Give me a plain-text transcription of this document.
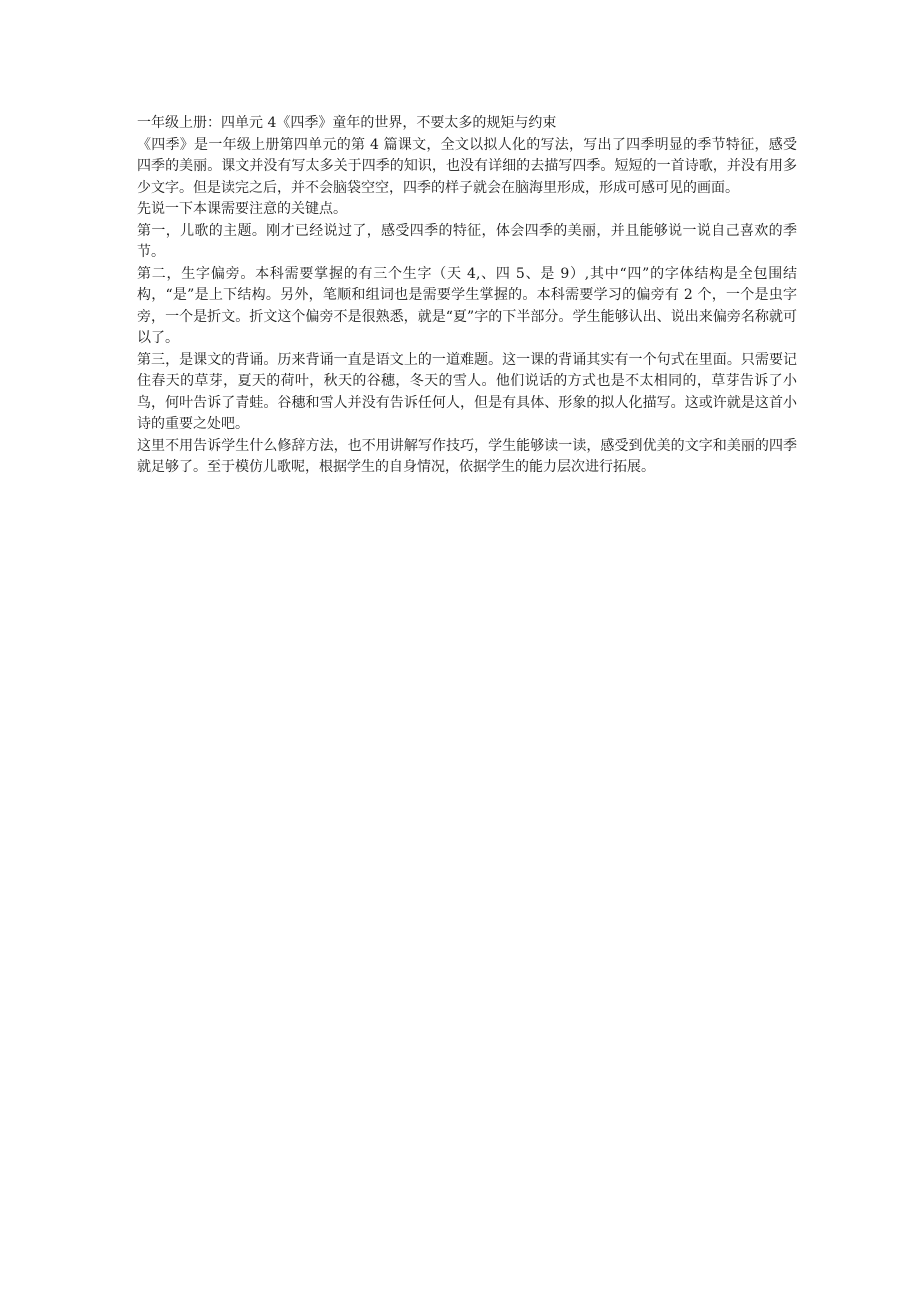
一年级上册：四单元 4《四季》童年的世界，不要太多的规矩与约束

《四季》是一年级上册第四单元的第 4 篇课文，全文以拟人化的写法，写出了四季明显的季节特征，感受四季的美丽。课文并没有写太多关于四季的知识，也没有详细的去描写四季。短短的一首诗歌，并没有用多少文字。但是读完之后，并不会脑袋空空，四季的样子就会在脑海里形成，形成可感可见的画面。

先说一下本课需要注意的关键点。

第一，儿歌的主题。刚才已经说过了，感受四季的特征，体会四季的美丽，并且能够说一说自己喜欢的季节。

第二，生字偏旁。本科需要掌握的有三个生字（天 4,、四 5、是 9）,其中“四”的字体结构是全包围结构，“是”是上下结构。另外，笔顺和组词也是需要学生掌握的。本科需要学习的偏旁有 2 个，一个是虫字旁，一个是折文。折文这个偏旁不是很熟悉，就是“夏”字的下半部分。学生能够认出、说出来偏旁名称就可以了。

第三，是课文的背诵。历来背诵一直是语文上的一道难题。这一课的背诵其实有一个句式在里面。只需要记住春天的草芽，夏天的荷叶，秋天的谷穗，冬天的雪人。他们说话的方式也是不太相同的，草芽告诉了小鸟，何叶告诉了青蛙。谷穗和雪人并没有告诉任何人，但是有具体、形象的拟人化描写。这或许就是这首小诗的重要之处吧。

这里不用告诉学生什么修辞方法，也不用讲解写作技巧，学生能够读一读，感受到优美的文字和美丽的四季就足够了。至于模仿儿歌呢，根据学生的自身情况，依据学生的能力层次进行拓展。
